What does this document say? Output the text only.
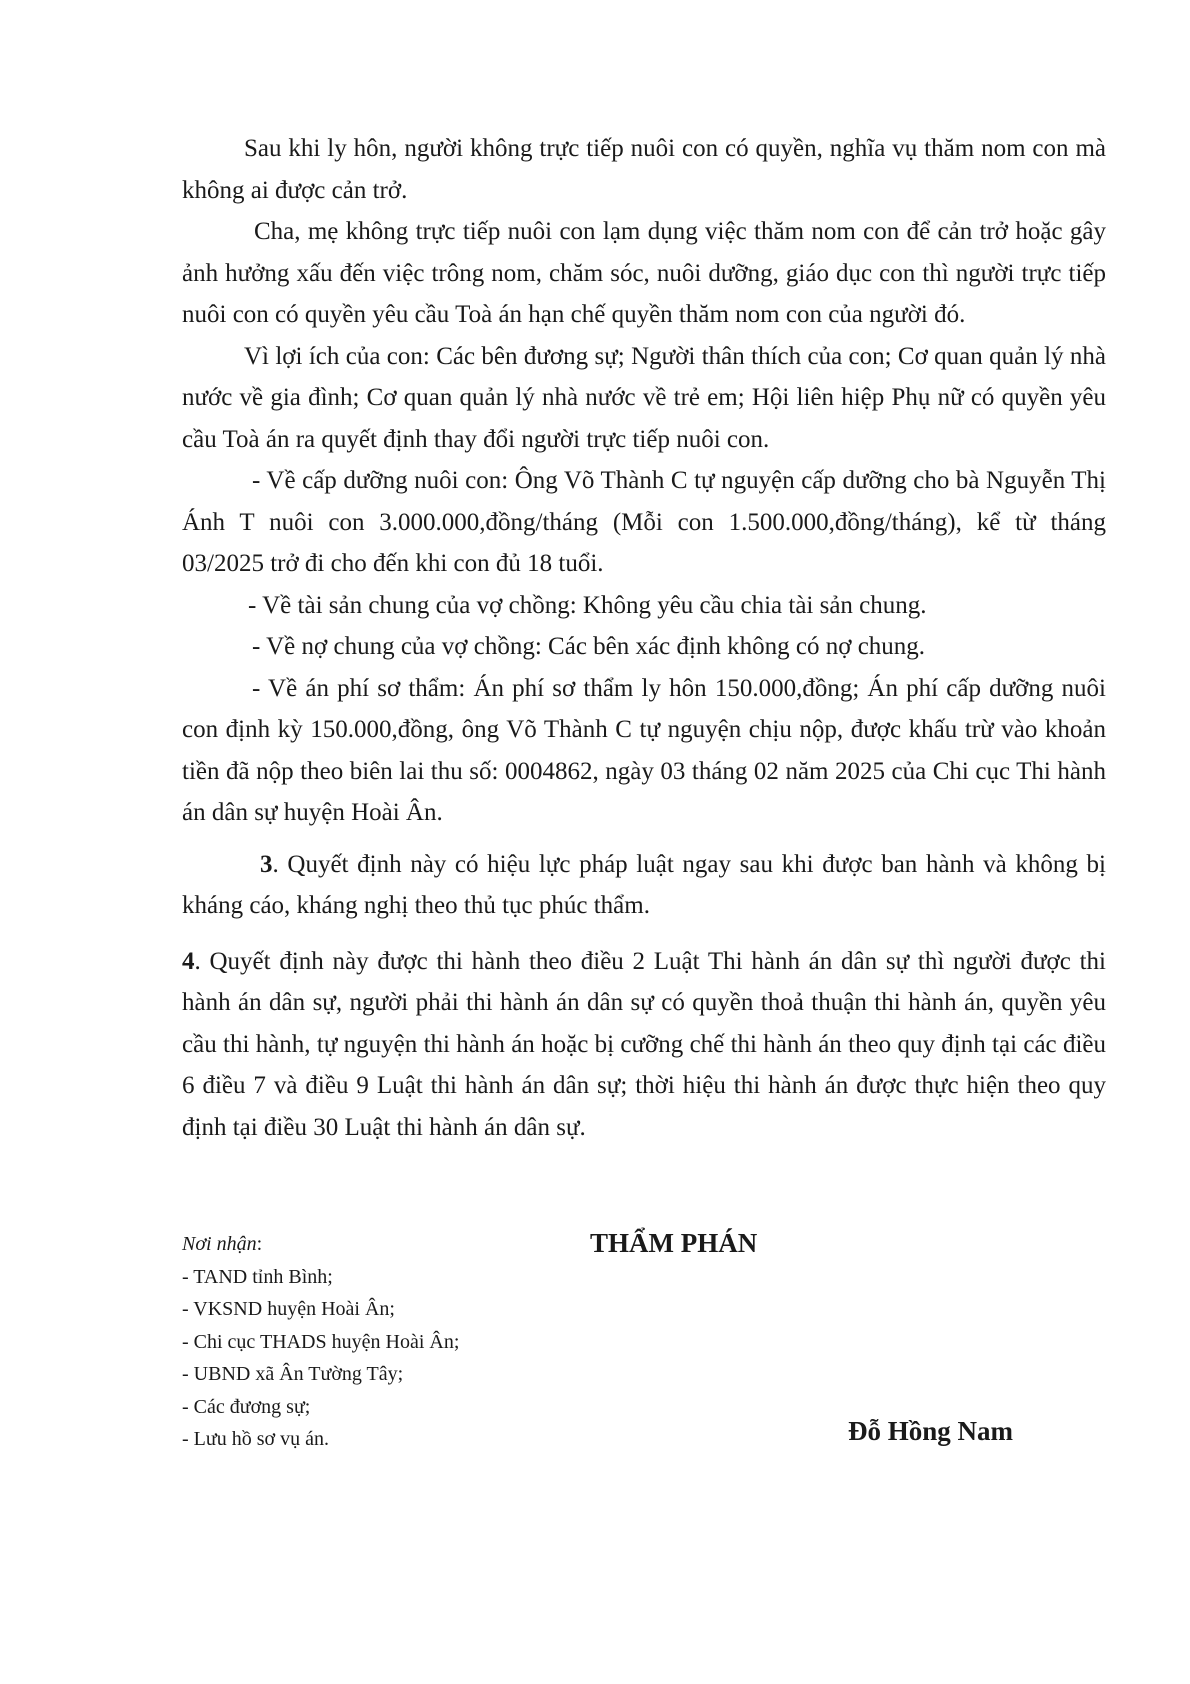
Sau khi ly hôn, người không trực tiếp nuôi con có quyền, nghĩa vụ thăm nom con mà không ai được cản trở.

Cha, mẹ không trực tiếp nuôi con lạm dụng việc thăm nom con để cản trở hoặc gây ảnh hưởng xấu đến việc trông nom, chăm sóc, nuôi dưỡng, giáo dục con thì người trực tiếp nuôi con có quyền yêu cầu Toà án hạn chế quyền thăm nom con của người đó.

Vì lợi ích của con: Các bên đương sự; Người thân thích của con; Cơ quan quản lý nhà nước về gia đình; Cơ quan quản lý nhà nước về trẻ em; Hội liên hiệp Phụ nữ có quyền yêu cầu Toà án ra quyết định thay đổi người trực tiếp nuôi con.

- Về cấp dưỡng nuôi con: Ông Võ Thành C tự nguyện cấp dưỡng cho bà Nguyễn Thị Ánh T nuôi con 3.000.000,đồng/tháng (Mỗi con 1.500.000,đồng/tháng), kể từ tháng 03/2025 trở đi cho đến khi con đủ 18 tuổi.

- Về tài sản chung của vợ chồng: Không yêu cầu chia tài sản chung.

- Về nợ chung của vợ chồng: Các bên xác định không có nợ chung.

- Về án phí sơ thẩm: Án phí sơ thẩm ly hôn 150.000,đồng; Án phí cấp dưỡng nuôi con định kỳ 150.000,đồng, ông Võ Thành C tự nguyện chịu nộp, được khấu trừ vào khoản tiền đã nộp theo biên lai thu số: 0004862, ngày 03 tháng 02 năm 2025 của Chi cục Thi hành án dân sự huyện Hoài Ân.

3. Quyết định này có hiệu lực pháp luật ngay sau khi được ban hành và không bị kháng cáo, kháng nghị theo thủ tục phúc thẩm.

4. Quyết định này được thi hành theo điều 2 Luật Thi hành án dân sự thì người được thi hành án dân sự, người phải thi hành án dân sự có quyền thoả thuận thi hành án, quyền yêu cầu thi hành, tự nguyện thi hành án hoặc bị cưỡng chế thi hành án theo quy định tại các điều 6 điều 7 và điều 9 Luật thi hành án dân sự; thời hiệu thi hành án được thực hiện theo quy định tại điều 30 Luật thi hành án dân sự.

Nơi nhận:
- TAND tỉnh Bình;
- VKSND huyện Hoài Ân;
- Chi cục THADS huyện Hoài Ân;
- UBND xã Ân Tường Tây;
- Các đương sự;
- Lưu hồ sơ vụ án.
THẨM PHÁN
Đỗ Hồng Nam
